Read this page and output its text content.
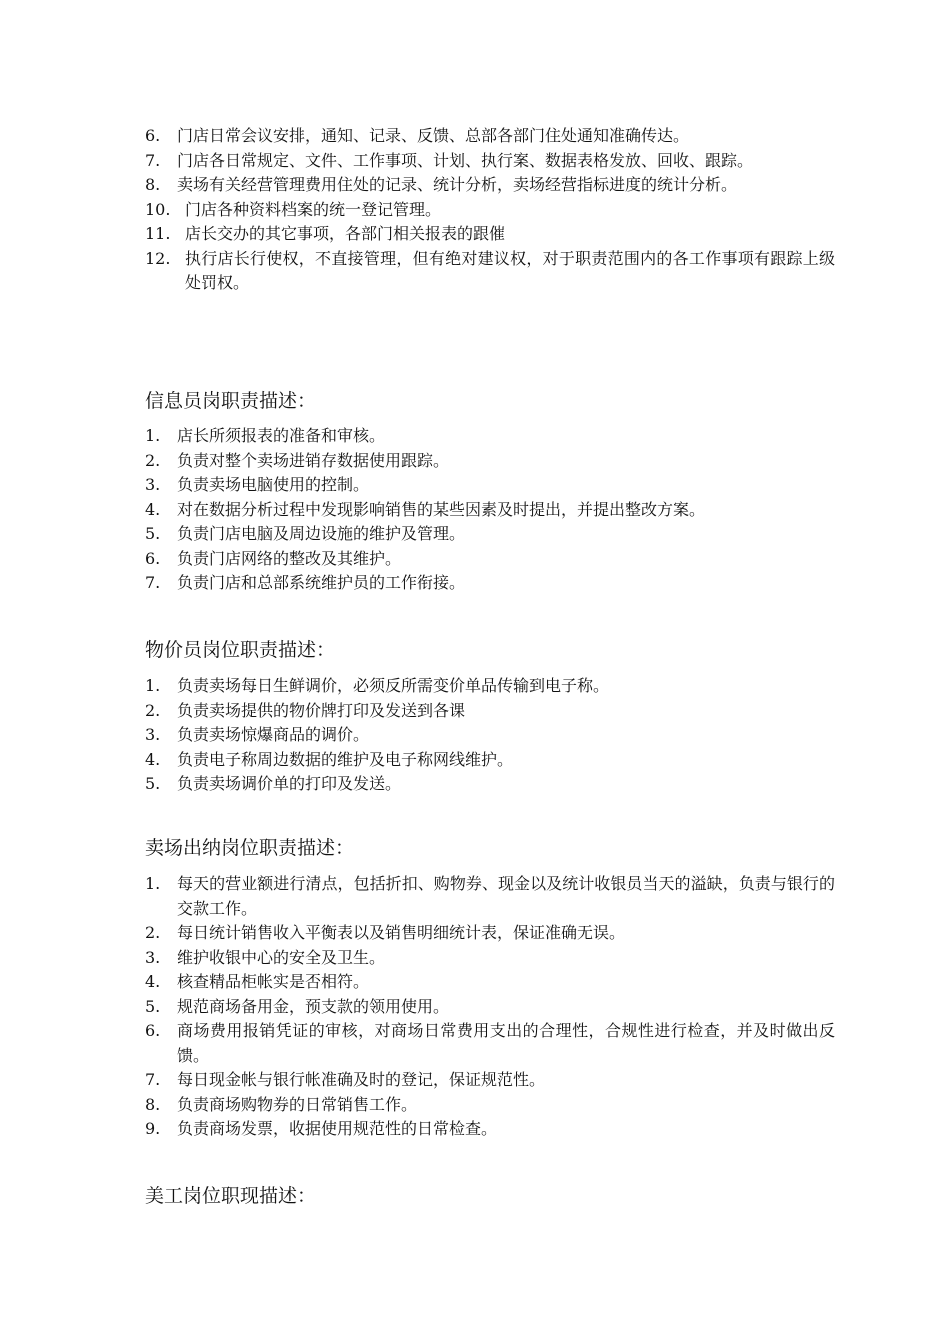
6.	门店日常会议安排，通知、记录、反馈、总部各部门住处通知准确传达。
7.	门店各日常规定、文件、工作事项、计划、执行案、数据表格发放、回收、跟踪。
8.	卖场有关经营管理费用住处的记录、统计分析，卖场经营指标进度的统计分析。
10. 门店各种资料档案的统一登记管理。
11. 店长交办的其它事项，各部门相关报表的跟催
12. 执行店长行使权，不直接管理，但有绝对建议权，对于职责范围内的各工作事项有跟踪上级处罚权。
信息员岗职责描述：
1.	店长所须报表的准备和审核。
2.	负责对整个卖场进销存数据使用跟踪。
3.	负责卖场电脑使用的控制。
4.	对在数据分析过程中发现影响销售的某些因素及时提出，并提出整改方案。
5.	负责门店电脑及周边设施的维护及管理。
6.	负责门店网络的整改及其维护。
7.	负责门店和总部系统维护员的工作衔接。
物价员岗位职责描述：
1.	负责卖场每日生鲜调价，必须反所需变价单品传输到电子称。
2.	负责卖场提供的物价牌打印及发送到各课
3.	负责卖场惊爆商品的调价。
4.	负责电子称周边数据的维护及电子称网线维护。
5.	负责卖场调价单的打印及发送。
卖场出纳岗位职责描述：
1.	每天的营业额进行清点，包括折扣、购物券、现金以及统计收银员当天的溢缺，负责与银行的交款工作。
2.	每日统计销售收入平衡表以及销售明细统计表，保证准确无误。
3.	维护收银中心的安全及卫生。
4.	核查精品柜帐实是否相符。
5.	规范商场备用金，预支款的领用使用。
6.	商场费用报销凭证的审核，对商场日常费用支出的合理性，合规性进行检查，并及时做出反馈。
7.	每日现金帐与银行帐准确及时的登记，保证规范性。
8.	负责商场购物券的日常销售工作。
9.	负责商场发票，收据使用规范性的日常检查。
美工岗位职现描述：
